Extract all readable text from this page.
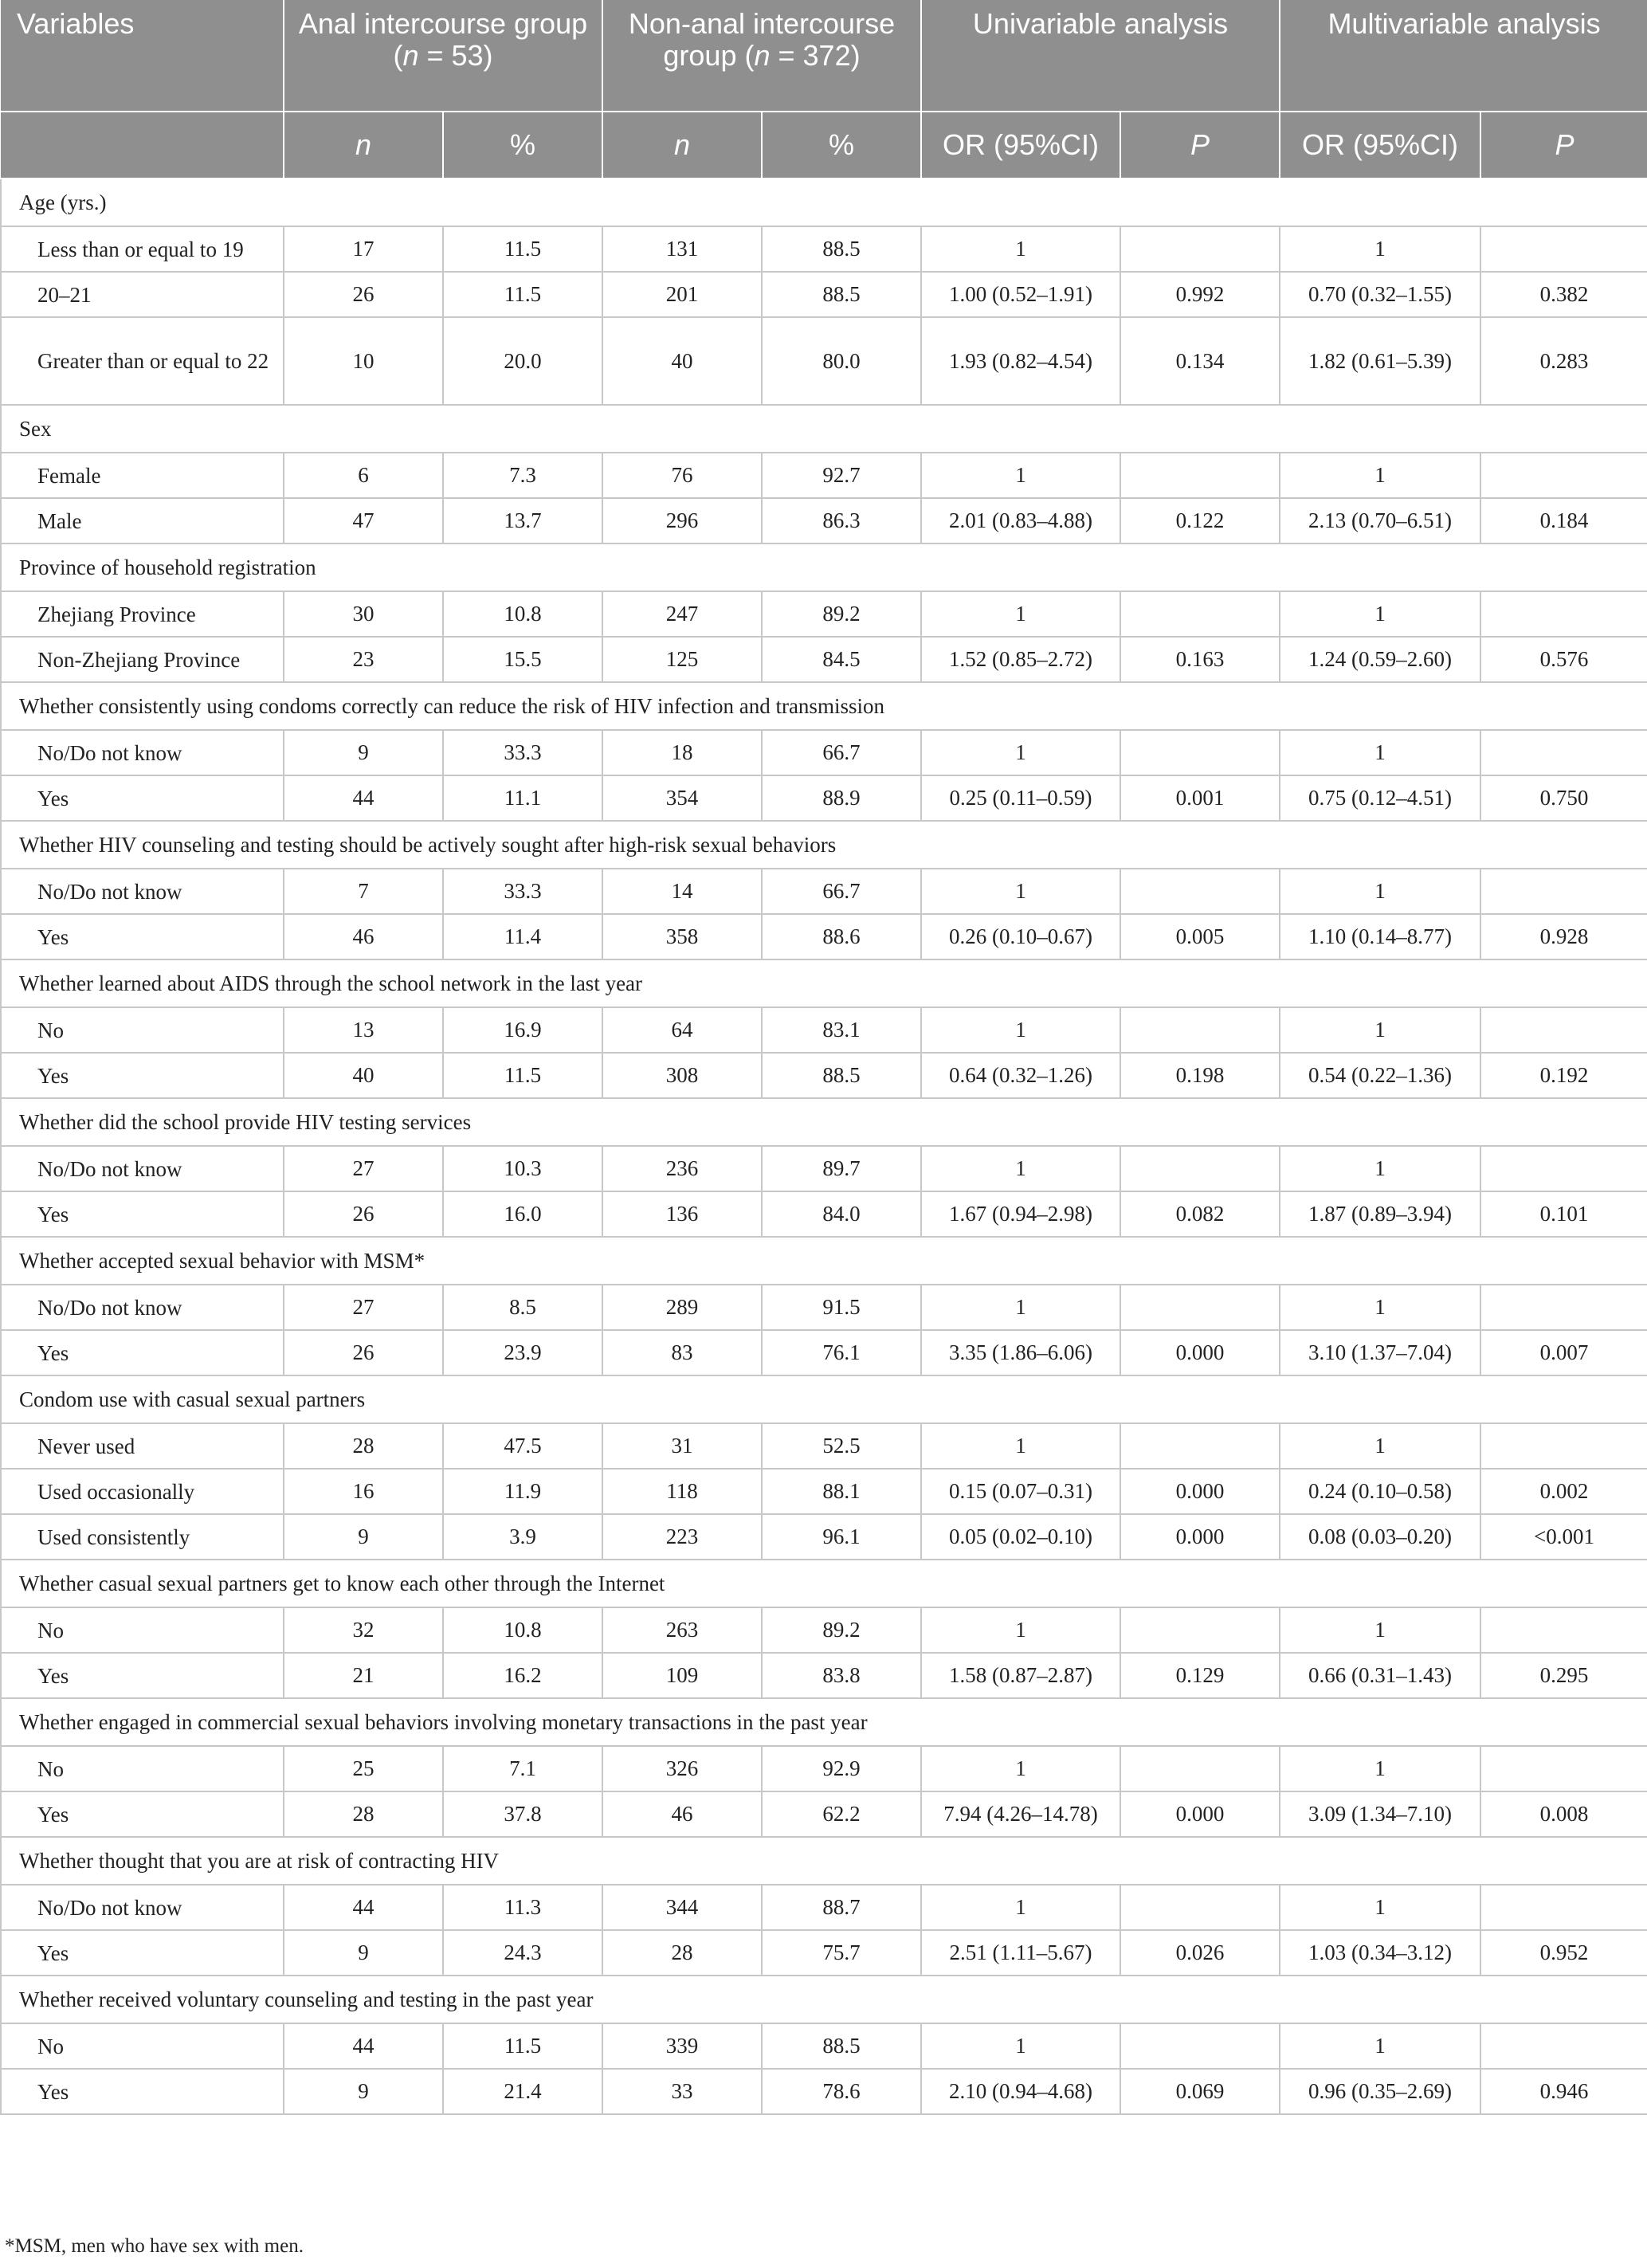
Variables	Anal intercourse group (n = 53)		Non-anal intercourse group (n = 372)		Univariable analysis		Multivariable analysis	
	n	%	n	%	OR (95%CI)	P	OR (95%CI)	P
Age (yrs.)								
Less than or equal to 19	17	11.5	131	88.5	1		1	
20–21	26	11.5	201	88.5	1.00 (0.52–1.91)	0.992	0.70 (0.32–1.55)	0.382
Greater than or equal to 22	10	20.0	40	80.0	1.93 (0.82–4.54)	0.134	1.82 (0.61–5.39)	0.283
Sex								
Female	6	7.3	76	92.7	1		1	
Male	47	13.7	296	86.3	2.01 (0.83–4.88)	0.122	2.13 (0.70–6.51)	0.184
Province of household registration								
Zhejiang Province	30	10.8	247	89.2	1		1	
Non-Zhejiang Province	23	15.5	125	84.5	1.52 (0.85–2.72)	0.163	1.24 (0.59–2.60)	0.576
Whether consistently using condoms correctly can reduce the risk of HIV infection and transmission								
No/Do not know	9	33.3	18	66.7	1		1	
Yes	44	11.1	354	88.9	0.25 (0.11–0.59)	0.001	0.75 (0.12–4.51)	0.750
Whether HIV counseling and testing should be actively sought after high-risk sexual behaviors								
No/Do not know	7	33.3	14	66.7	1		1	
Yes	46	11.4	358	88.6	0.26 (0.10–0.67)	0.005	1.10 (0.14–8.77)	0.928
Whether learned about AIDS through the school network in the last year								
No	13	16.9	64	83.1	1		1	
Yes	40	11.5	308	88.5	0.64 (0.32–1.26)	0.198	0.54 (0.22–1.36)	0.192
Whether did the school provide HIV testing services								
No/Do not know	27	10.3	236	89.7	1		1	
Yes	26	16.0	136	84.0	1.67 (0.94–2.98)	0.082	1.87 (0.89–3.94)	0.101
Whether accepted sexual behavior with MSM*								
No/Do not know	27	8.5	289	91.5	1		1	
Yes	26	23.9	83	76.1	3.35 (1.86–6.06)	0.000	3.10 (1.37–7.04)	0.007
Condom use with casual sexual partners								
Never used	28	47.5	31	52.5	1		1	
Used occasionally	16	11.9	118	88.1	0.15 (0.07–0.31)	0.000	0.24 (0.10–0.58)	0.002
Used consistently	9	3.9	223	96.1	0.05 (0.02–0.10)	0.000	0.08 (0.03–0.20)	<0.001
Whether casual sexual partners get to know each other through the Internet								
No	32	10.8	263	89.2	1		1	
Yes	21	16.2	109	83.8	1.58 (0.87–2.87)	0.129	0.66 (0.31–1.43)	0.295
Whether engaged in commercial sexual behaviors involving monetary transactions in the past year								
No	25	7.1	326	92.9	1		1	
Yes	28	37.8	46	62.2	7.94 (4.26–14.78)	0.000	3.09 (1.34–7.10)	0.008
Whether thought that you are at risk of contracting HIV								
No/Do not know	44	11.3	344	88.7	1		1	
Yes	9	24.3	28	75.7	2.51 (1.11–5.67)	0.026	1.03 (0.34–3.12)	0.952
Whether received voluntary counseling and testing in the past year								
No	44	11.5	339	88.5	1		1	
Yes	9	21.4	33	78.6	2.10 (0.94–4.68)	0.069	0.96 (0.35–2.69)	0.946
*MSM, men who have sex with men.
